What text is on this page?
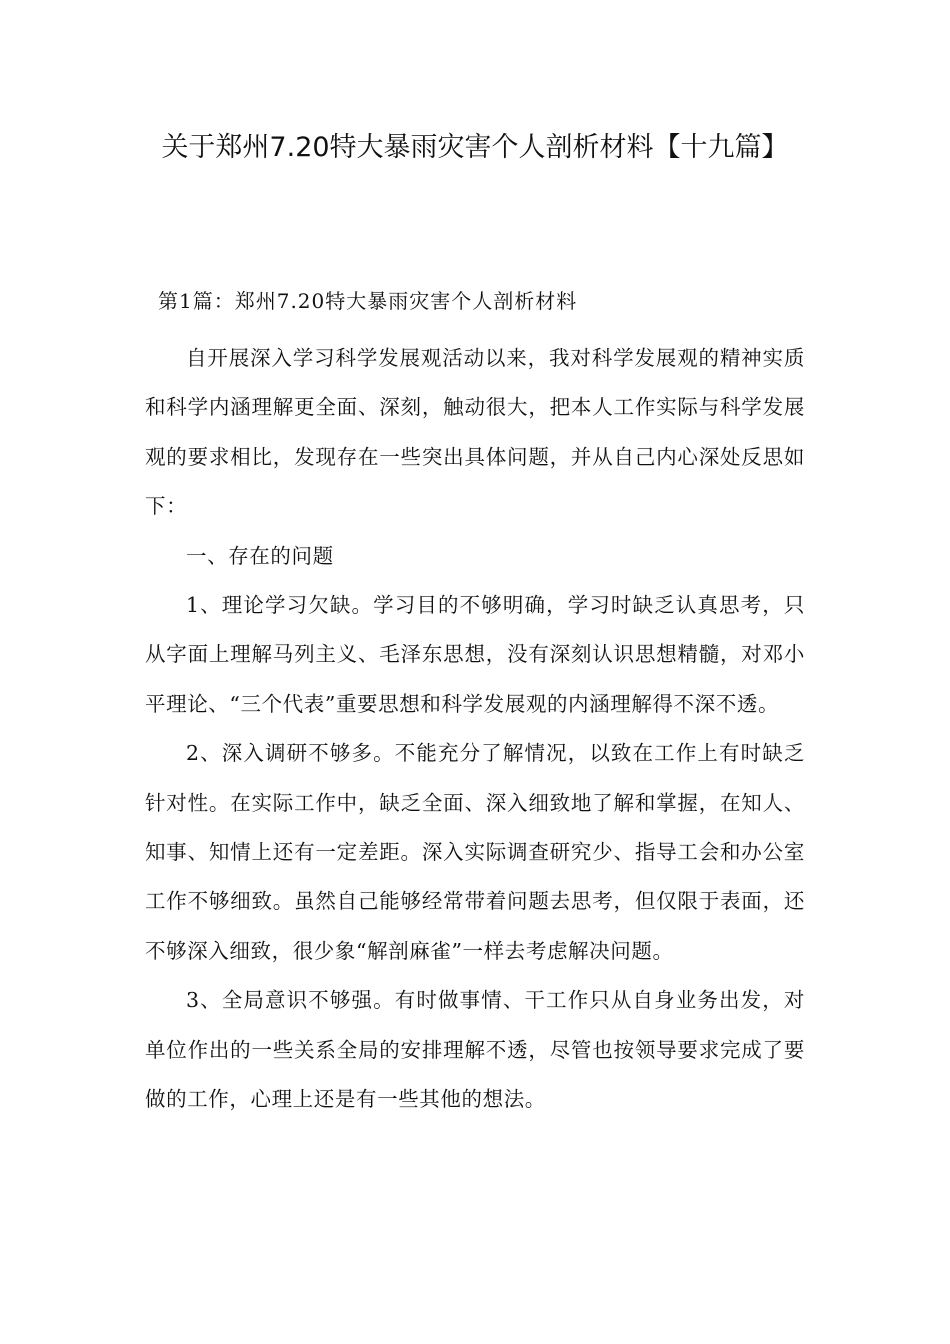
关于郑州7.20特大暴雨灾害个人剖析材料【十九篇】
第1篇：郑州7.20特大暴雨灾害个人剖析材料

自开展深入学习科学发展观活动以来，我对科学发展观的精神实质和科学内涵理解更全面、深刻，触动很大，把本人工作实际与科学发展观的要求相比，发现存在一些突出具体问题，并从自己内心深处反思如下：

一、存在的问题

1、理论学习欠缺。学习目的不够明确，学习时缺乏认真思考，只从字面上理解马列主义、毛泽东思想，没有深刻认识思想精髓，对邓小平理论、“三个代表”重要思想和科学发展观的内涵理解得不深不透。

2、深入调研不够多。不能充分了解情况，以致在工作上有时缺乏针对性。在实际工作中，缺乏全面、深入细致地了解和掌握，在知人、知事、知情上还有一定差距。深入实际调查研究少、指导工会和办公室工作不够细致。虽然自己能够经常带着问题去思考，但仅限于表面，还不够深入细致，很少象“解剖麻雀”一样去考虑解决问题。

3、全局意识不够强。有时做事情、干工作只从自身业务出发，对单位作出的一些关系全局的安排理解不透，尽管也按领导要求完成了要做的工作，心理上还是有一些其他的想法。
